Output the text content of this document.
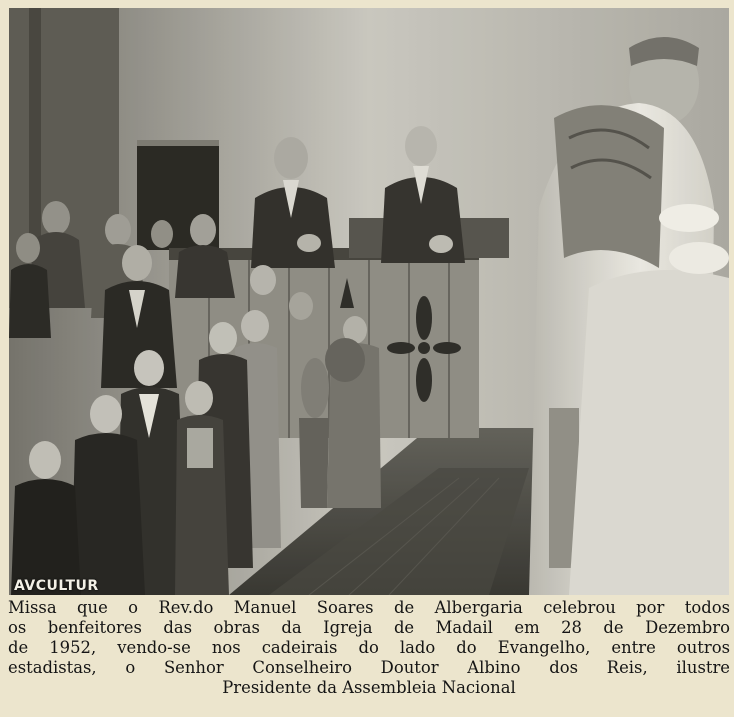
AVCULTUR
Missa que o Rev.do Manuel Soares de Albergaria celebrou por todos
os benfeitores das obras da Igreja de Madail em 28 de Dezembro
de 1952, vendo-se nos cadeirais do lado do Evangelho, entre outros
estadistas, o Senhor Conselheiro Doutor Albino dos Reis, ilustre
Presidente da Assembleia Nacional
